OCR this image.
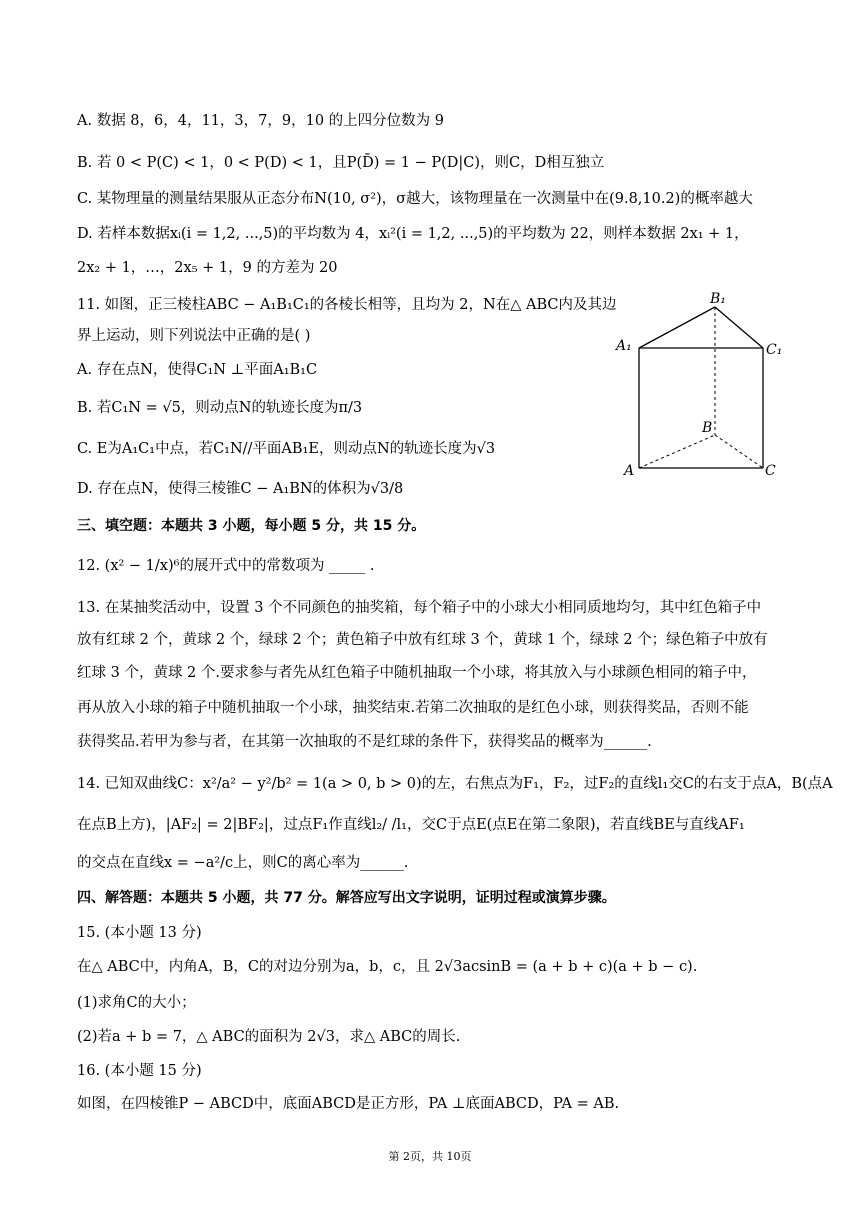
A. 数据 8，6，4，11，3，7，9，10 的上四分位数为 9
B. 若 0 < P(C) < 1，0 < P(D) < 1，且P(D̄) = 1 − P(D|C)，则C，D相互独立
C. 某物理量的测量结果服从正态分布N(10, σ²)，σ越大，该物理量在一次测量中在(9.8,10.2)的概率越大
D. 若样本数据xᵢ(i = 1,2, ...,5)的平均数为 4，xᵢ²(i = 1,2, ...,5)的平均数为 22，则样本数据 2x₁ + 1，
2x₂ + 1，…，2x₅ + 1，9 的方差为 20
11. 如图，正三棱柱ABC − A₁B₁C₁的各棱长相等，且均为 2，N在△ ABC内及其边
界上运动，则下列说法中正确的是( )
A. 存在点N，使得C₁N ⊥平面A₁B₁C
B. 若C₁N = √5，则动点N的轨迹长度为π/3
C. E为A₁C₁中点，若C₁N//平面AB₁E，则动点N的轨迹长度为√3
D. 存在点N，使得三棱锥C − A₁BN的体积为√3/8
三、填空题：本题共 3 小题，每小题 5 分，共 15 分。
12. (x² − 1/x)⁶的展开式中的常数项为 _____ .
13. 在某抽奖活动中，设置 3 个不同颜色的抽奖箱，每个箱子中的小球大小相同质地均匀，其中红色箱子中
放有红球 2 个，黄球 2 个，绿球 2 个；黄色箱子中放有红球 3 个，黄球 1 个，绿球 2 个；绿色箱子中放有
红球 3 个，黄球 2 个.要求参与者先从红色箱子中随机抽取一个小球，将其放入与小球颜色相同的箱子中，
再从放入小球的箱子中随机抽取一个小球，抽奖结束.若第二次抽取的是红色小球，则获得奖品，否则不能
获得奖品.若甲为参与者，在其第一次抽取的不是红球的条件下，获得奖品的概率为______.
14. 已知双曲线C：x²/a² − y²/b² = 1(a > 0, b > 0)的左，右焦点为F₁，F₂，过F₂的直线l₁交C的右支于点A，B(点A
在点B上方)，|AF₂| = 2|BF₂|，过点F₁作直线l₂/ /l₁，交C于点E(点E在第二象限)，若直线BE与直线AF₁
的交点在直线x = −a²/c上，则C的离心率为______.
四、解答题：本题共 5 小题，共 77 分。解答应写出文字说明，证明过程或演算步骤。
15. (本小题 13 分)
在△ ABC中，内角A，B，C的对边分别为a，b，c，且 2√3acsinB = (a + b + c)(a + b − c).
(1)求角C的大小；
(2)若a + b = 7，△ ABC的面积为 2√3，求△ ABC的周长.
16. (本小题 15 分)
如图，在四棱锥P − ABCD中，底面ABCD是正方形，PA ⊥底面ABCD，PA = AB.
B₁
A₁	C₁
B
A	C
第 2页，共 10页
